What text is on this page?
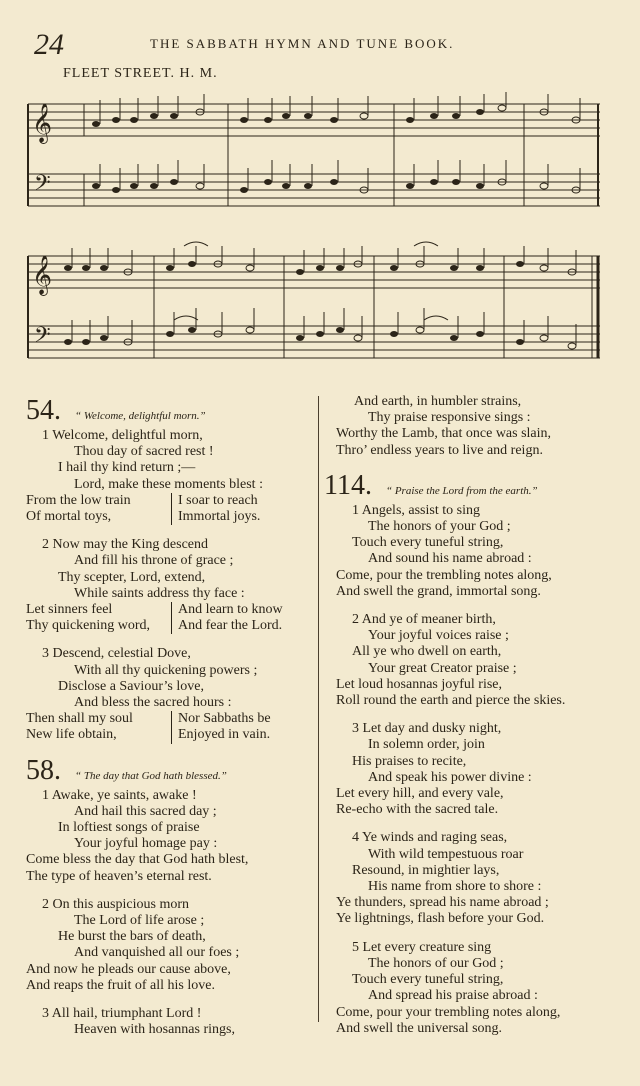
24	THE SABBATH HYMN AND TUNE BOOK.
FLEET STREET. H. M.
𝄞
𝄢
𝄞
𝄢
54. “ Welcome, delightful morn.”
1 Welcome, delightful morn,
Thou day of sacred rest !
I hail thy kind return ;—
Lord, make these moments blest :
From the low train	I soar to reach
Of mortal toys,	Immortal joys.
2 Now may the King descend
And fill his throne of grace ;
Thy scepter, Lord, extend,
While saints address thy face :
Let sinners feel	And learn to know
Thy quickening word,	And fear the Lord.
3 Descend, celestial Dove,
With all thy quickening powers ;
Disclose a Saviour’s love,
And bless the sacred hours :
Then shall my soul	Nor Sabbaths be
New life obtain,	Enjoyed in vain.
58. “ The day that God hath blessed.”
1 Awake, ye saints, awake !
And hail this sacred day ;
In loftiest songs of praise
Your joyful homage pay :
Come bless the day that God hath blest,
The type of heaven’s eternal rest.
2 On this auspicious morn
The Lord of life arose ;
He burst the bars of death,
And vanquished all our foes ;
And now he pleads our cause above,
And reaps the fruit of all his love.
3 All hail, triumphant Lord !
Heaven with hosannas rings,
And earth, in humbler strains,
Thy praise responsive sings :
Worthy the Lamb, that once was slain,
Thro’ endless years to live and reign.
114. “ Praise the Lord from the earth.”
1 Angels, assist to sing
The honors of your God ;
Touch every tuneful string,
And sound his name abroad :
Come, pour the trembling notes along,
And swell the grand, immortal song.
2 And ye of meaner birth,
Your joyful voices raise ;
All ye who dwell on earth,
Your great Creator praise ;
Let loud hosannas joyful rise,
Roll round the earth and pierce the skies.
3 Let day and dusky night,
In solemn order, join
His praises to recite,
And speak his power divine :
Let every hill, and every vale,
Re-echo with the sacred tale.
4 Ye winds and raging seas,
With wild tempestuous roar
Resound, in mightier lays,
His name from shore to shore :
Ye thunders, spread his name abroad ;
Ye lightnings, flash before your God.
5 Let every creature sing
The honors of our God ;
Touch every tuneful string,
And spread his praise abroad :
Come, pour your trembling notes along,
And swell the universal song.
